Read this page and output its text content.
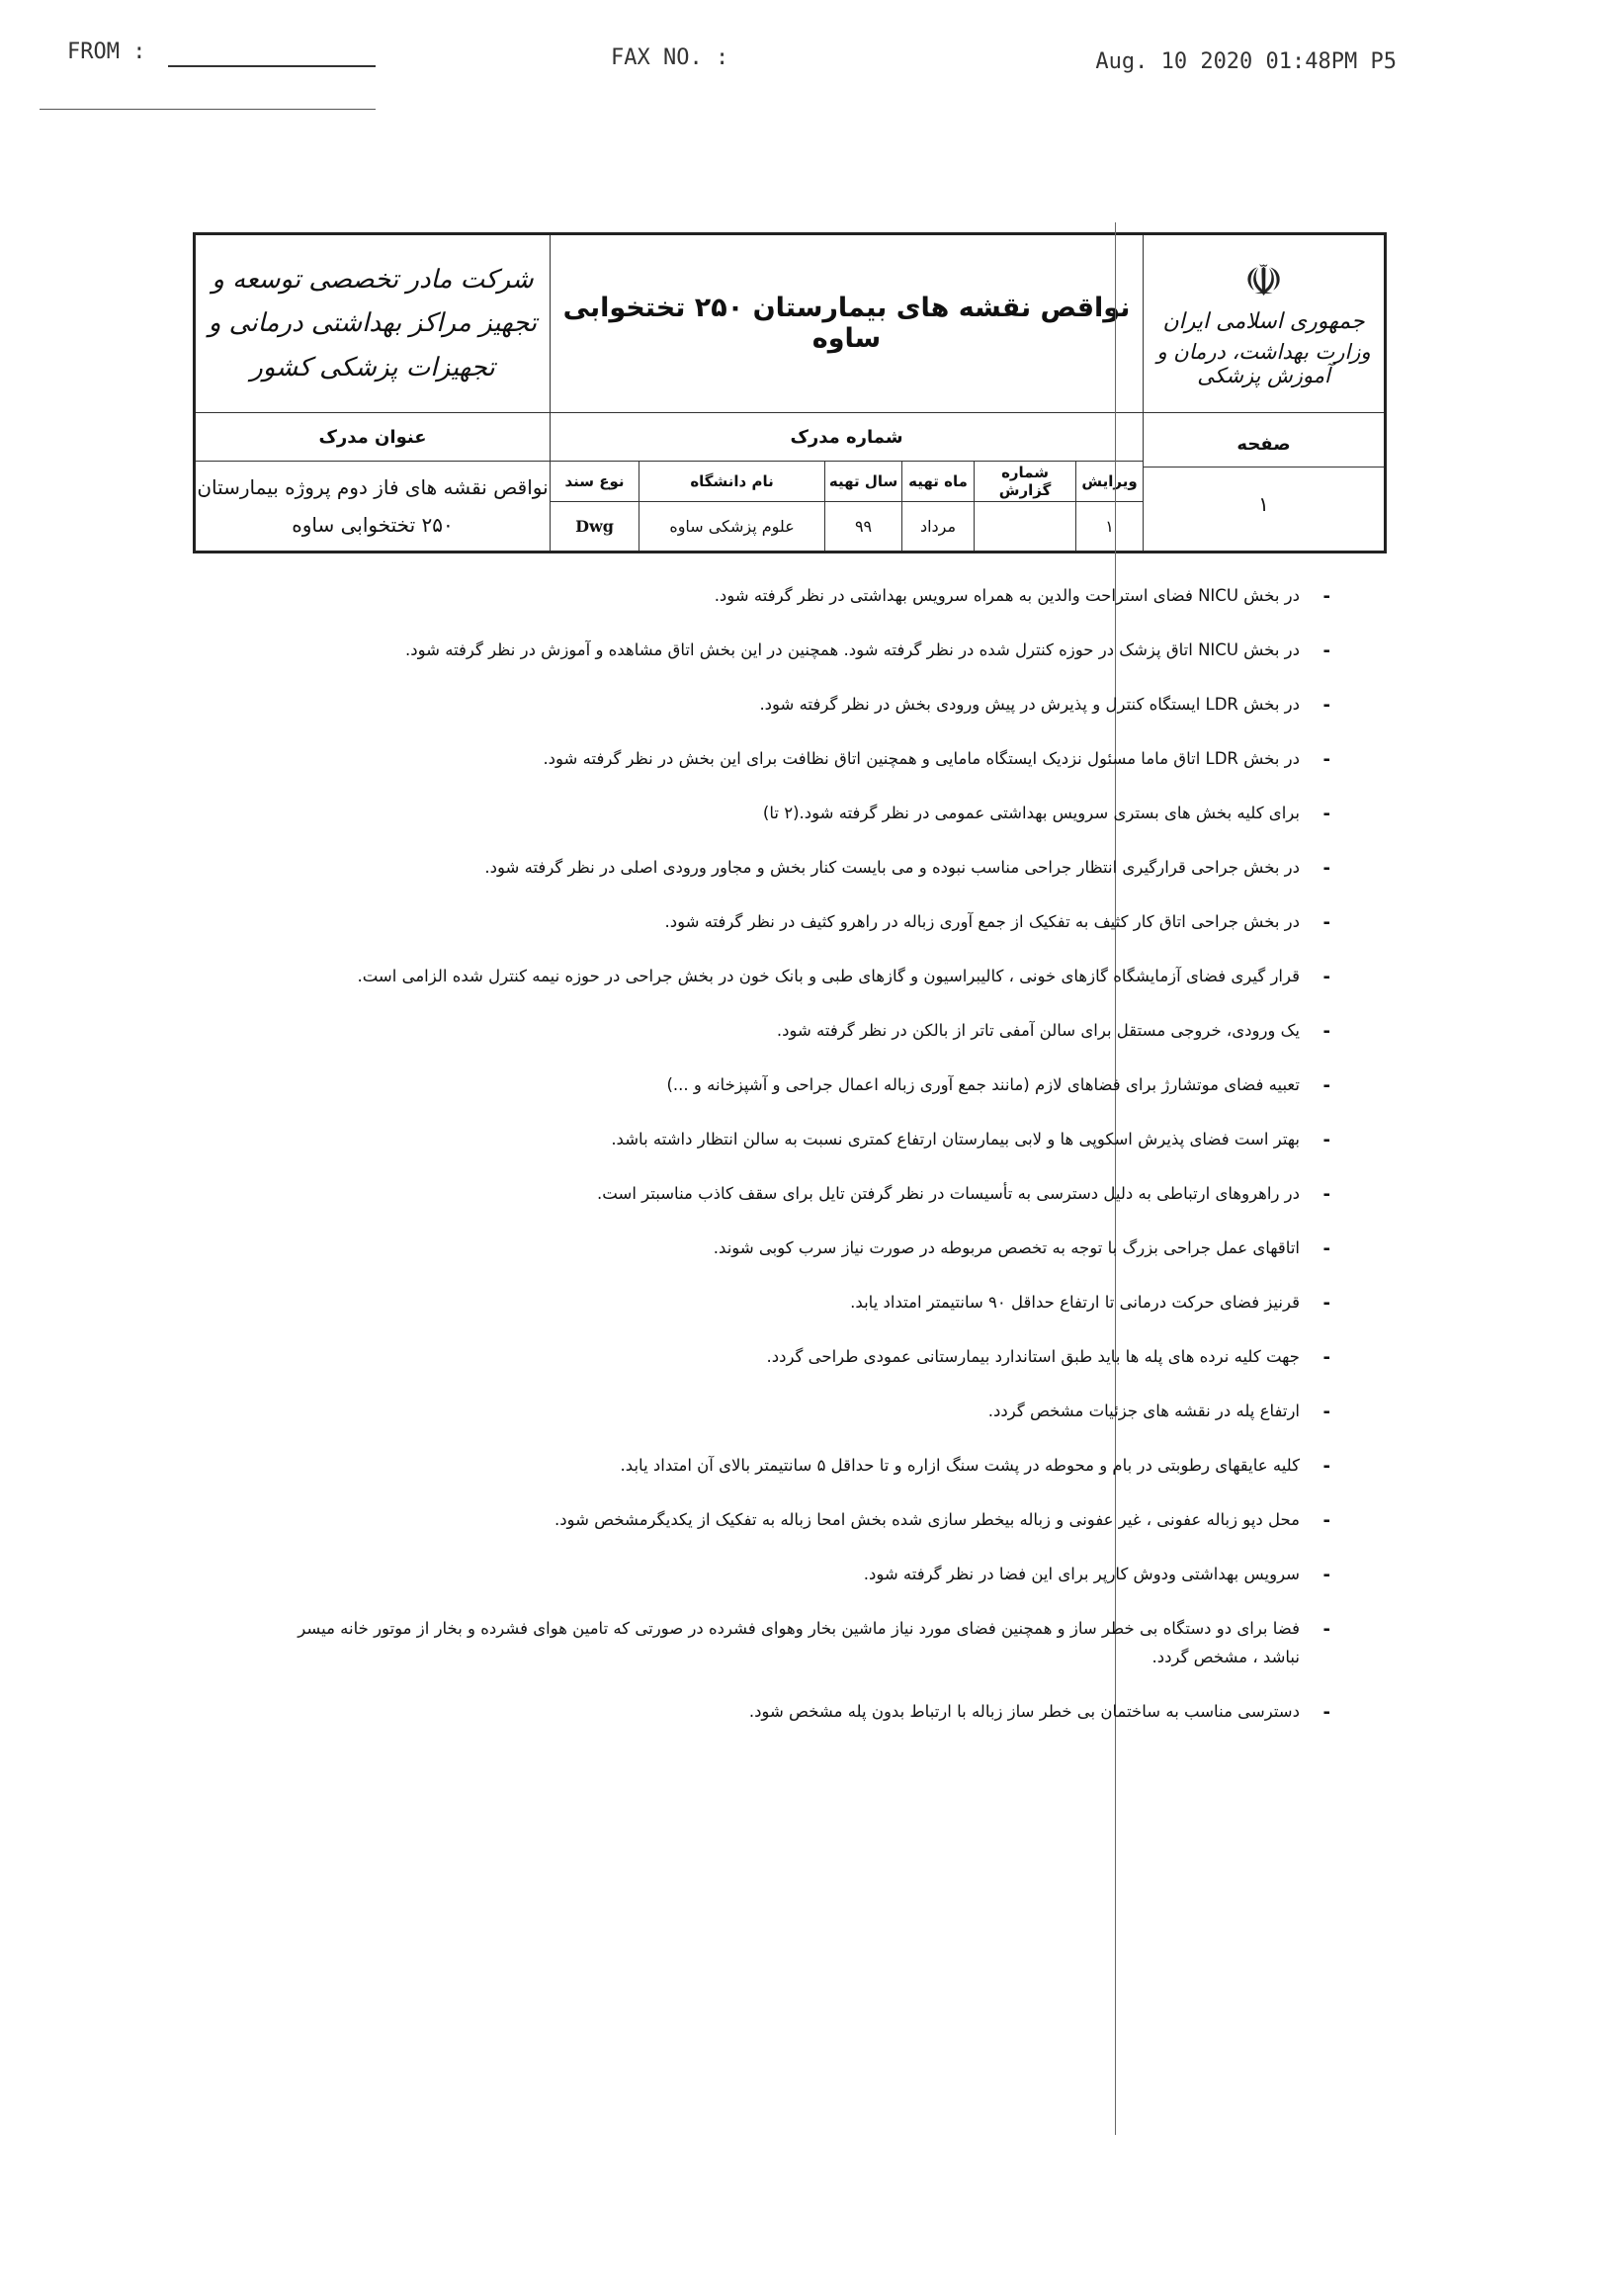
FROM :	FAX NO. :	Aug. 10 2020 01:48PM P5
☫
جمهوری اسلامی ایران
وزارت بهداشت، درمان و آموزش پزشکی	نواقص نقشه های بیمارستان ۲۵۰ تختخوابی ساوه						شرکت مادر تخصصی توسعه و تجهیز مراکز بهداشتی درمانی و تجهیزات پزشکی کشور

صفحه
۱	شماره مدرک						عنوان مدرک
	ویرایش	شماره گزارش	ماه تهیه	سال تهیه	نام دانشگاه	نوع سند	نواقص نقشه های فاز دوم پروژه بیمارستان ۲۵۰ تختخوابی ساوه
	۱		مرداد	۹۹	علوم پزشکی ساوه	Dwg	
-
در بخش NICU فضای استراحت والدین به همراه سرویس بهداشتی در نظر گرفته شود.
-
در بخش NICU اتاق پزشک در حوزه کنترل شده در نظر گرفته شود. همچنین در این بخش اتاق مشاهده و آموزش در نظر گرفته شود.
-
در بخش LDR ایستگاه کنترل و پذیرش در پیش ورودی بخش در نظر گرفته شود.
-
در بخش LDR اتاق ماما مسئول نزدیک ایستگاه مامایی و همچنین اتاق نظافت برای این بخش در نظر گرفته شود.
-
برای کلیه بخش های بستری سرویس بهداشتی عمومی در نظر گرفته شود.(۲ تا)
-
در بخش جراحی قرارگیری انتظار جراحی مناسب نبوده و می بایست کنار بخش و مجاور ورودی اصلی در نظر گرفته شود.
-
در بخش جراحی اتاق کار کثیف به تفکیک از جمع آوری زباله در راهرو کثیف در نظر گرفته شود.
-
قرار گیری فضای آزمایشگاه گازهای خونی ، کالیبراسیون و گازهای طبی و بانک خون در بخش جراحی در حوزه نیمه کنترل شده الزامی است.
-
یک ورودی، خروجی مستقل برای سالن آمفی تاتر از بالکن در نظر گرفته شود.
-
تعبیه فضای موتشارژ برای فضاهای لازم (مانند جمع آوری زباله اعمال جراحی و آشپزخانه و ...)
-
بهتر است فضای پذیرش اسکوپی ها و لابی بیمارستان ارتفاع کمتری نسبت به سالن انتظار داشته باشد.
-
در راهروهای ارتباطی به دلیل دسترسی به تأسیسات در نظر گرفتن تایل برای سقف کاذب مناسبتر است.
-
اتاقهای عمل جراحی بزرگ با توجه به تخصص مربوطه در صورت نیاز سرب کوبی شوند.
-
قرنیز فضای حرکت درمانی تا ارتفاع حداقل ۹۰ سانتیمتر امتداد یابد.
-
جهت کلیه نرده های پله ها باید طبق استاندارد بیمارستانی عمودی طراحی گردد.
-
ارتفاع پله در نقشه های جزئیات مشخص گردد.
-
کلیه عایقهای رطوبتی در بام و محوطه در پشت سنگ ازاره و تا حداقل ۵ سانتیمتر بالای آن امتداد یابد.
-
محل دپو زباله عفونی ، غیر عفونی و زباله بیخطر سازی شده بخش امحا زباله به تفکیک از یکدیگرمشخص شود.
-
سرویس بهداشتی ودوش کارپر برای این فضا در نظر گرفته شود.
-
فضا برای دو دستگاه بی خطر ساز و همچنین فضای مورد نیاز ماشین بخار وهوای فشرده در صورتی که تامین هوای فشرده و بخار از موتور خانه میسر نباشد ، مشخص گردد.
-
دسترسی مناسب به ساختمان بی خطر ساز زباله با ارتباط بدون پله مشخص شود.
